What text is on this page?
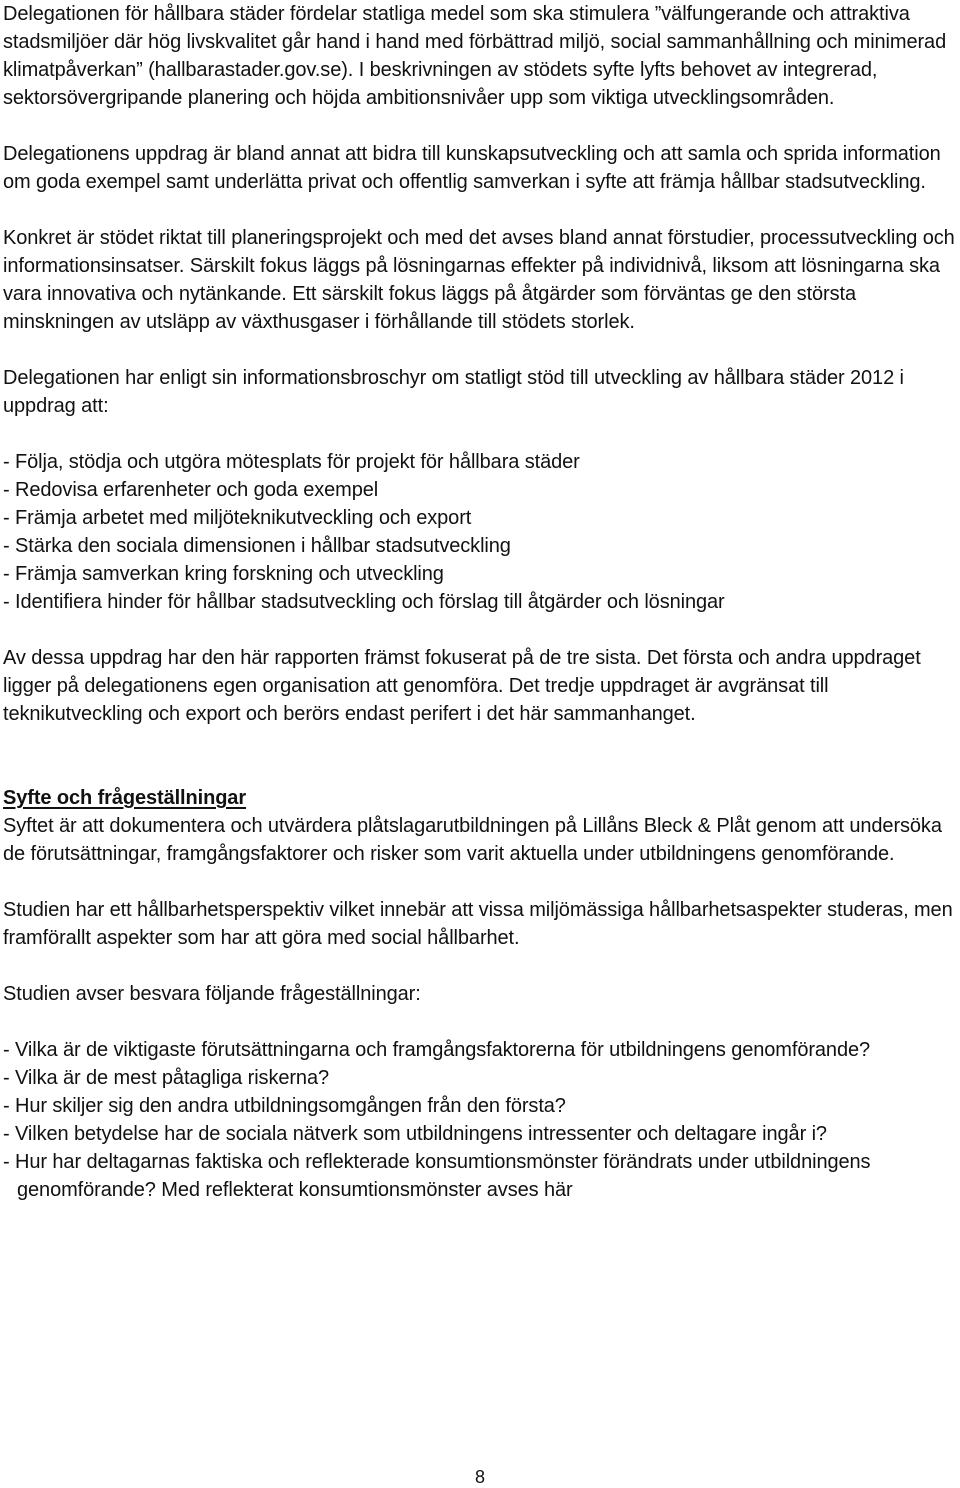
Delegationen för hållbara städer fördelar statliga medel som ska stimulera ”välfungerande och attraktiva stadsmiljöer där hög livskvalitet går hand i hand med förbättrad miljö, social sammanhållning och minimerad klimatpåverkan” (hallbarastader.gov.se). I beskrivningen av stödets syfte lyfts behovet av integrerad, sektorsövergripande planering och höjda ambitionsnivåer upp som viktiga utvecklingsområden.

Delegationens uppdrag är bland annat att bidra till kunskapsutveckling och att samla och sprida information om goda exempel samt underlätta privat och offentlig samverkan i syfte att främja hållbar stadsutveckling.

Konkret är stödet riktat till planeringsprojekt och med det avses bland annat förstudier, processutveckling och informationsinsatser. Särskilt fokus läggs på lösningarnas effekter på individnivå, liksom att lösningarna ska vara innovativa och nytänkande. Ett särskilt fokus läggs på åtgärder som förväntas ge den största minskningen av utsläpp av växthusgaser i förhållande till stödets storlek.

Delegationen har enligt sin informationsbroschyr om statligt stöd till utveckling av hållbara städer 2012 i uppdrag att:

- Följa, stödja och utgöra mötesplats för projekt för hållbara städer
- Redovisa erfarenheter och goda exempel
- Främja arbetet med miljöteknikutveckling och export
- Stärka den sociala dimensionen i hållbar stadsutveckling
- Främja samverkan kring forskning och utveckling
- Identifiera hinder för hållbar stadsutveckling och förslag till åtgärder och lösningar

Av dessa uppdrag har den här rapporten främst fokuserat på de tre sista. Det första och andra uppdraget ligger på delegationens egen organisation att genomföra. Det tredje uppdraget är avgränsat till teknikutveckling och export och berörs endast perifert i det här sammanhanget.

Syfte och frågeställningar

Syftet är att dokumentera och utvärdera plåtslagarutbildningen på Lillåns Bleck & Plåt genom att undersöka de förutsättningar, framgångsfaktorer och risker som varit aktuella under utbildningens genomförande.

Studien har ett hållbarhetsperspektiv vilket innebär att vissa miljömässiga hållbarhetsaspekter studeras, men framförallt aspekter som har att göra med social hållbarhet.

Studien avser besvara följande frågeställningar:

- Vilka är de viktigaste förutsättningarna och framgångsfaktorerna för utbildningens genomförande?
- Vilka är de mest påtagliga riskerna?
- Hur skiljer sig den andra utbildningsomgången från den första?
- Vilken betydelse har de sociala nätverk som utbildningens intressenter och deltagare ingår i?
- Hur har deltagarnas faktiska och reflekterade konsumtionsmönster förändrats under utbildningens genomförande? Med reflekterat konsumtionsmönster avses här
8
